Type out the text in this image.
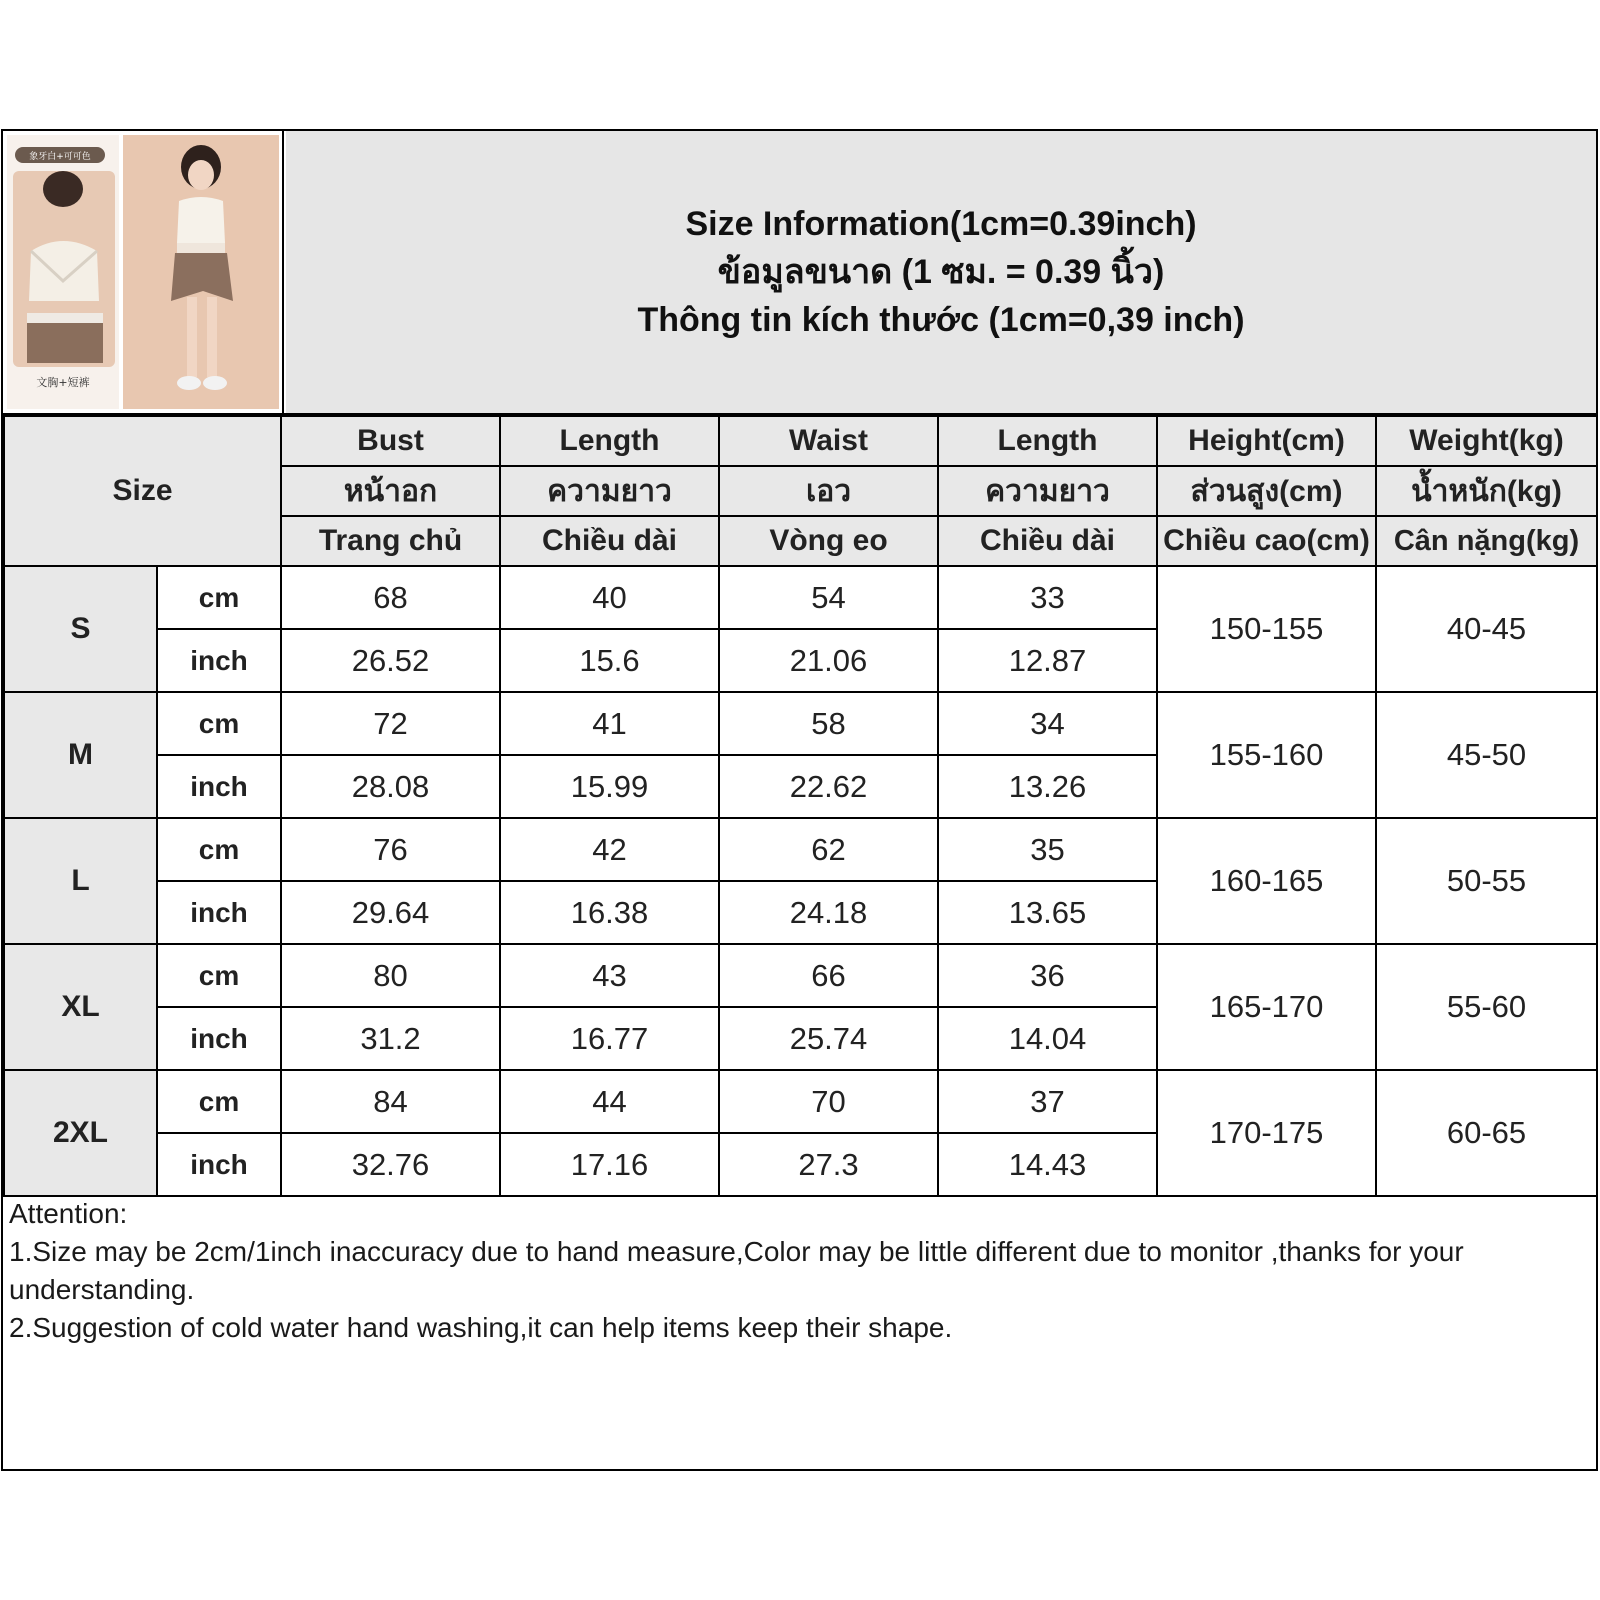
象牙白+可可色
文胸+短裤
Size Information(1cm=0.39inch)
ข้อมูลขนาด (1 ซม. = 0.39 นิ้ว)
Thông tin kích thước (1cm=0,39 inch)
Size		Bust	Length	Waist	Length	Height(cm)	Weight(kg)
		หน้าอก	ความยาว	เอว	ความยาว	ส่วนสูง(cm)	น้ำหนัก(kg)
		Trang chủ	Chiều dài	Vòng eo	Chiều dài	Chiều cao(cm)	Cân nặng(kg)
S	cm	68	40	54	33	150-155	40-45
	inch	26.52	15.6	21.06	12.87		
M	cm	72	41	58	34	155-160	45-50
	inch	28.08	15.99	22.62	13.26		
L	cm	76	42	62	35	160-165	50-55
	inch	29.64	16.38	24.18	13.65		
XL	cm	80	43	66	36	165-170	55-60
	inch	31.2	16.77	25.74	14.04		
2XL	cm	84	44	70	37	170-175	60-65
	inch	32.76	17.16	27.3	14.43		
Attention:
1.Size may be 2cm/1inch inaccuracy due to hand measure,Color may be little different due to monitor ,thanks for your understanding.
2.Suggestion of cold water hand washing,it can help items keep their shape.
